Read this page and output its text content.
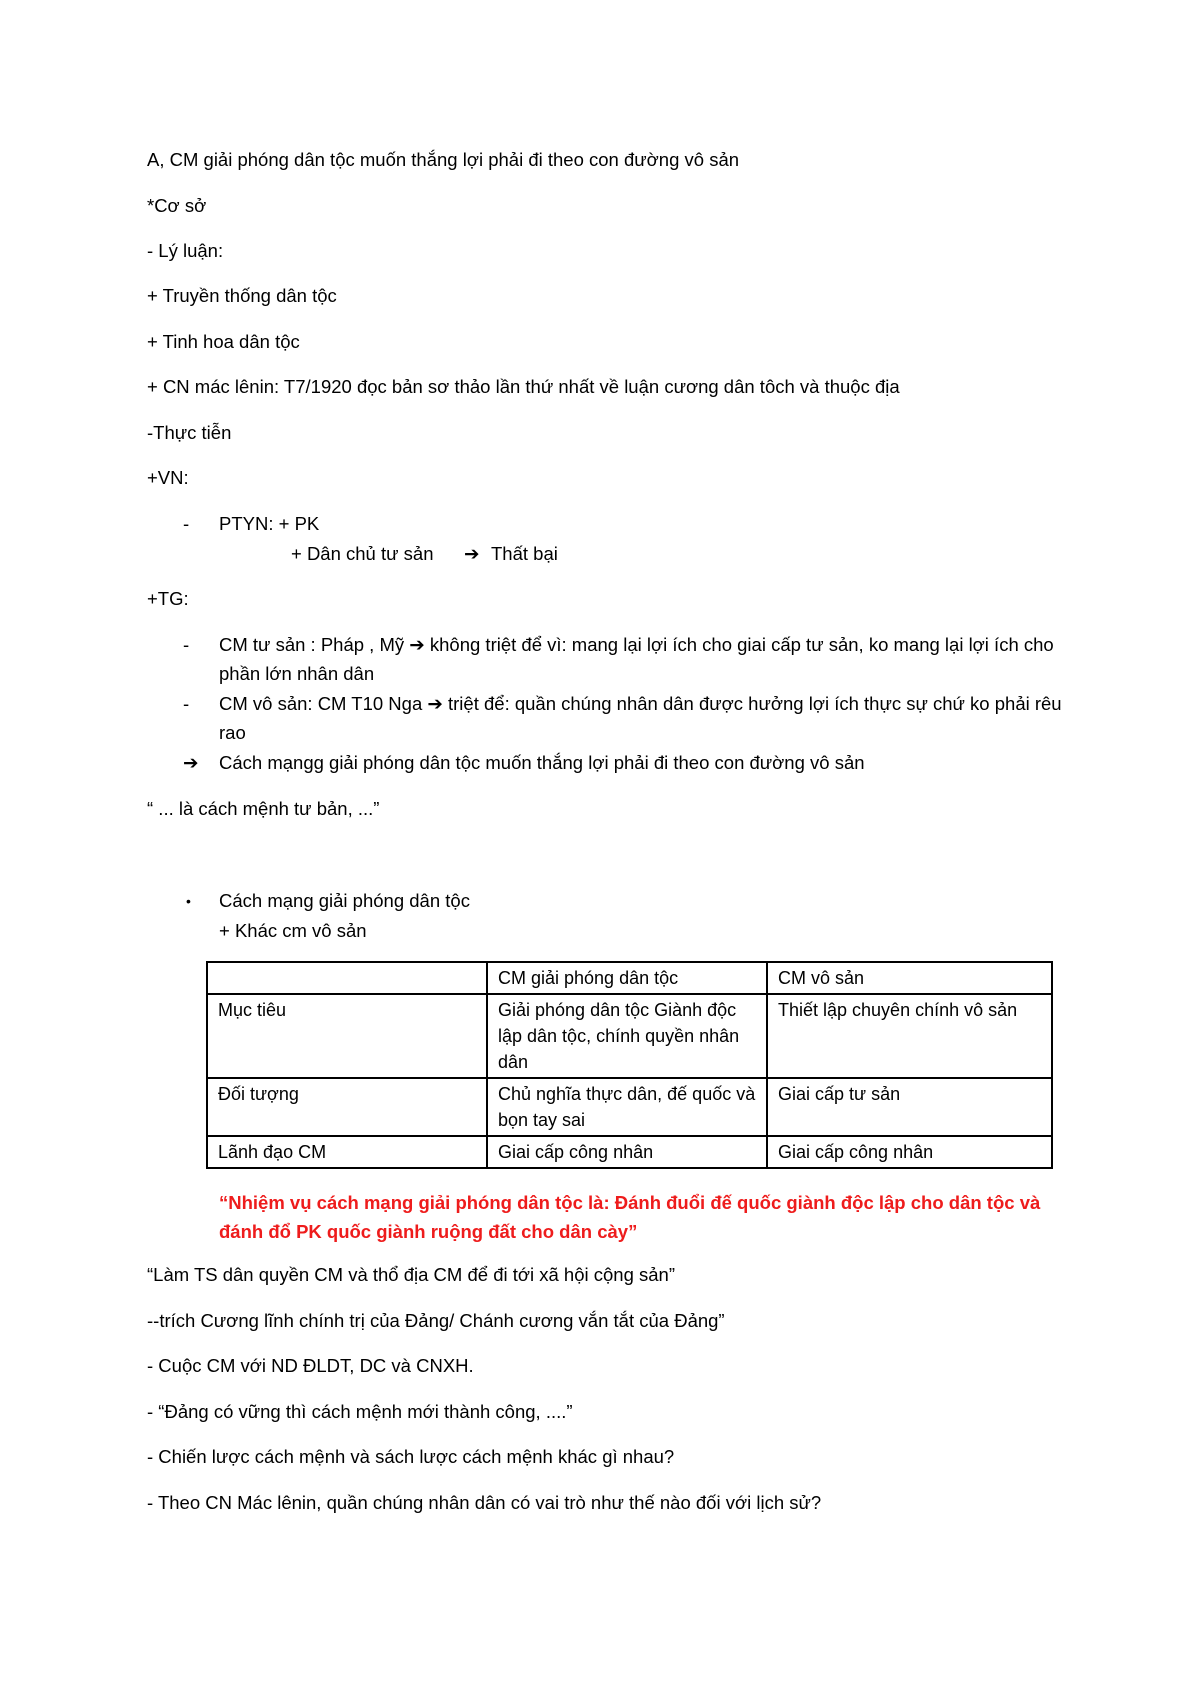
A, CM giải phóng dân tộc muốn thắng lợi phải đi theo con đường vô sản
*Cơ sở
- Lý luận:
+ Truyền thống dân tộc
+ Tinh hoa dân tộc
+ CN mác lênin: T7/1920 đọc bản sơ thảo lần thứ nhất về luận cương dân tôch và thuộc địa
-Thực tiễn
+VN:
- PTYN: + PK
+ Dân chủ tư sản ➔ Thất bại
+TG:
- CM tư sản : Pháp , Mỹ ➔ không triệt để vì: mang lại lợi ích cho giai cấp tư sản, ko mang lại lợi ích cho phần lớn nhân dân
- CM vô sản: CM T10 Nga ➔ triệt để: quần chúng nhân dân được hưởng lợi ích thực sự chứ ko phải rêu rao
➔ Cách mạngg giải phóng dân tộc muốn thắng lợi phải đi theo con đường vô sản
“ ... là cách mệnh tư bản, ...”
• Cách mạng giải phóng dân tộc
+ Khác cm vô sản
	CM giải phóng dân tộc	CM vô sản
Mục tiêu	Giải phóng dân tộc Giành độc lập dân tộc, chính quyền nhân dân	Thiết lập chuyên chính vô sản
Đối tượng	Chủ nghĩa thực dân, đế quốc và bọn tay sai	Giai cấp tư sản
Lãnh đạo CM	Giai cấp công nhân	Giai cấp công nhân
“Nhiệm vụ cách mạng giải phóng dân tộc là: Đánh đuổi đế quốc giành độc lập cho dân tộc và đánh đổ PK quốc giành ruộng đất cho dân cày”
“Làm TS dân quyền CM và thổ địa CM để đi tới xã hội cộng sản”
--trích Cương lĩnh chính trị của Đảng/ Chánh cương vắn tắt của Đảng”
- Cuộc CM với ND ĐLDT, DC và CNXH.
- “Đảng có vững thì cách mệnh mới thành công, ....”
- Chiến lược cách mệnh và sách lược cách mệnh khác gì nhau?
- Theo CN Mác lênin, quần chúng nhân dân có vai trò như thế nào đối với lịch sử?
